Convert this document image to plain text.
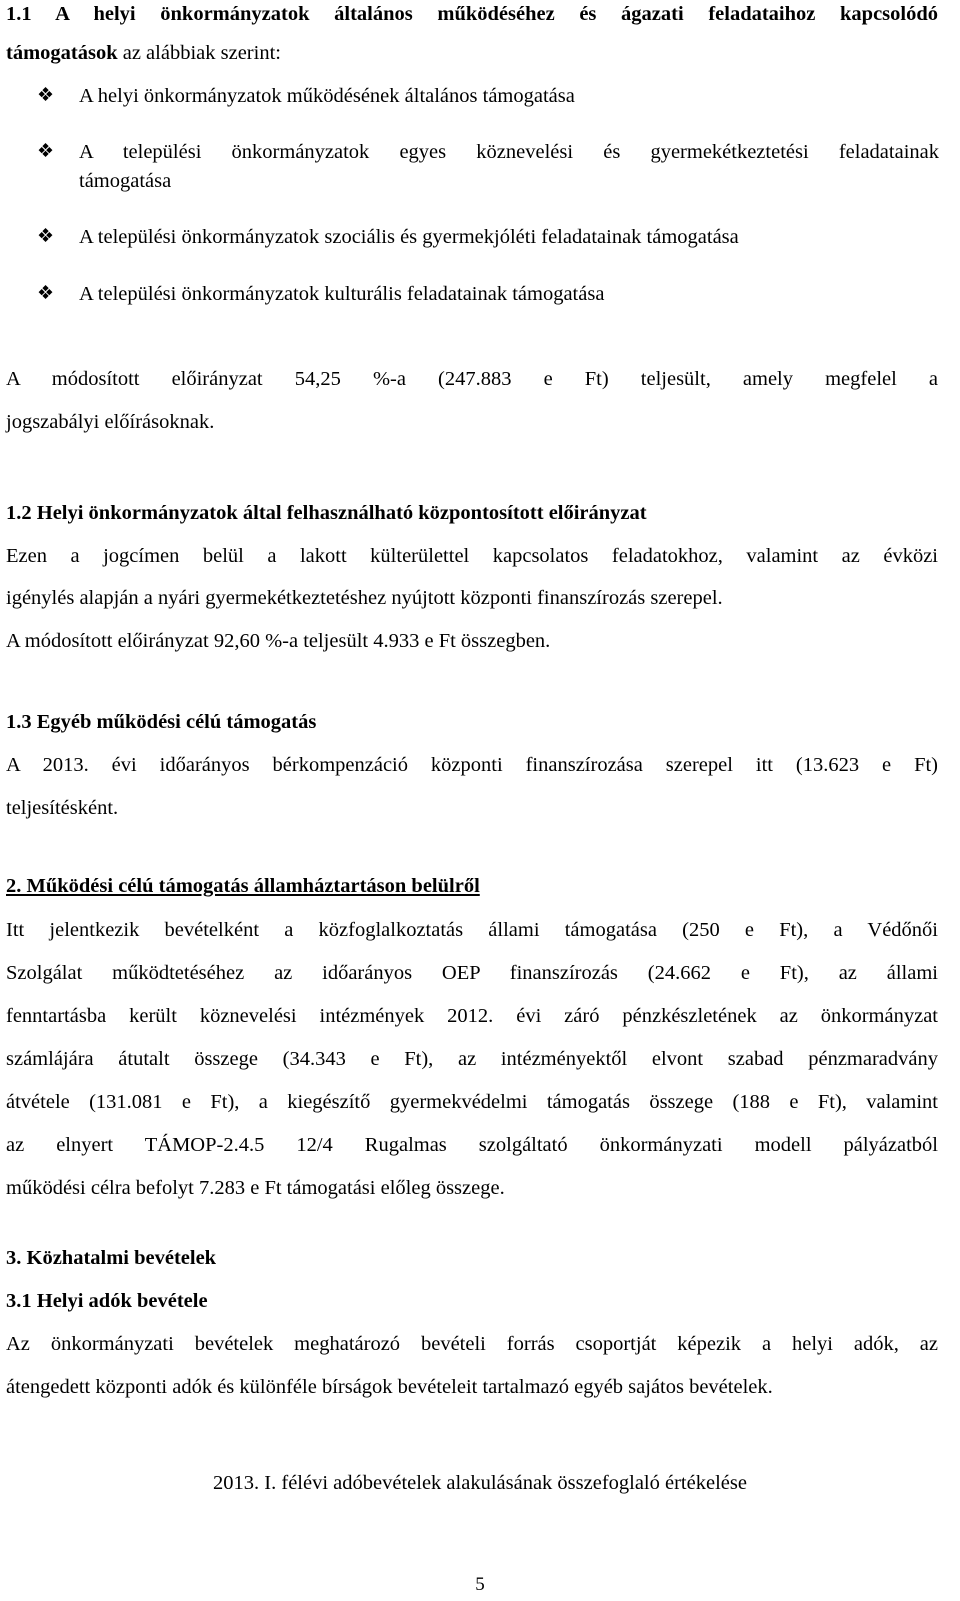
1.1 A helyi önkormányzatok általános működéséhez és ágazati feladataihoz kapcsolódó
támogatások az alábbiak szerint:
❖	A helyi önkormányzatok működésének általános támogatása
❖	A települési önkormányzatok egyes köznevelési és gyermekétkeztetési feladatainak
támogatása
❖	A települési önkormányzatok szociális és gyermekjóléti feladatainak támogatása
❖	A települési önkormányzatok kulturális feladatainak támogatása
A módosított előirányzat 54,25 %-a (247.883 e Ft) teljesült, amely megfelel a
jogszabályi előírásoknak.
1.2 Helyi önkormányzatok által felhasználható központosított előirányzat
Ezen a jogcímen belül a lakott külterülettel kapcsolatos feladatokhoz, valamint az évközi
igénylés alapján a nyári gyermekétkeztetéshez nyújtott központi finanszírozás szerepel.
A módosított előirányzat 92,60 %-a teljesült 4.933 e Ft összegben.
1.3 Egyéb működési célú támogatás
A 2013. évi időarányos bérkompenzáció központi finanszírozása szerepel itt (13.623 e Ft)
teljesítésként.
2. Működési célú támogatás államháztartáson belülről
Itt jelentkezik bevételként a közfoglalkoztatás állami támogatása (250 e Ft), a Védőnői
Szolgálat működtetéséhez az időarányos OEP finanszírozás (24.662 e Ft), az állami
fenntartásba került köznevelési intézmények 2012. évi záró pénzkészletének az önkormányzat
számlájára átutalt összege (34.343 e Ft), az intézményektől elvont szabad pénzmaradvány
átvétele (131.081 e Ft), a kiegészítő gyermekvédelmi támogatás összege (188 e Ft), valamint
az elnyert TÁMOP-2.4.5 12/4 Rugalmas szolgáltató önkormányzati modell pályázatból
működési célra befolyt 7.283 e Ft támogatási előleg összege.
3. Közhatalmi bevételek
3.1 Helyi adók bevétele
Az önkormányzati bevételek meghatározó bevételi forrás csoportját képezik a helyi adók, az
átengedett központi adók és különféle bírságok bevételeit tartalmazó egyéb sajátos bevételek.
2013. I. félévi adóbevételek alakulásának összefoglaló értékelése
5
